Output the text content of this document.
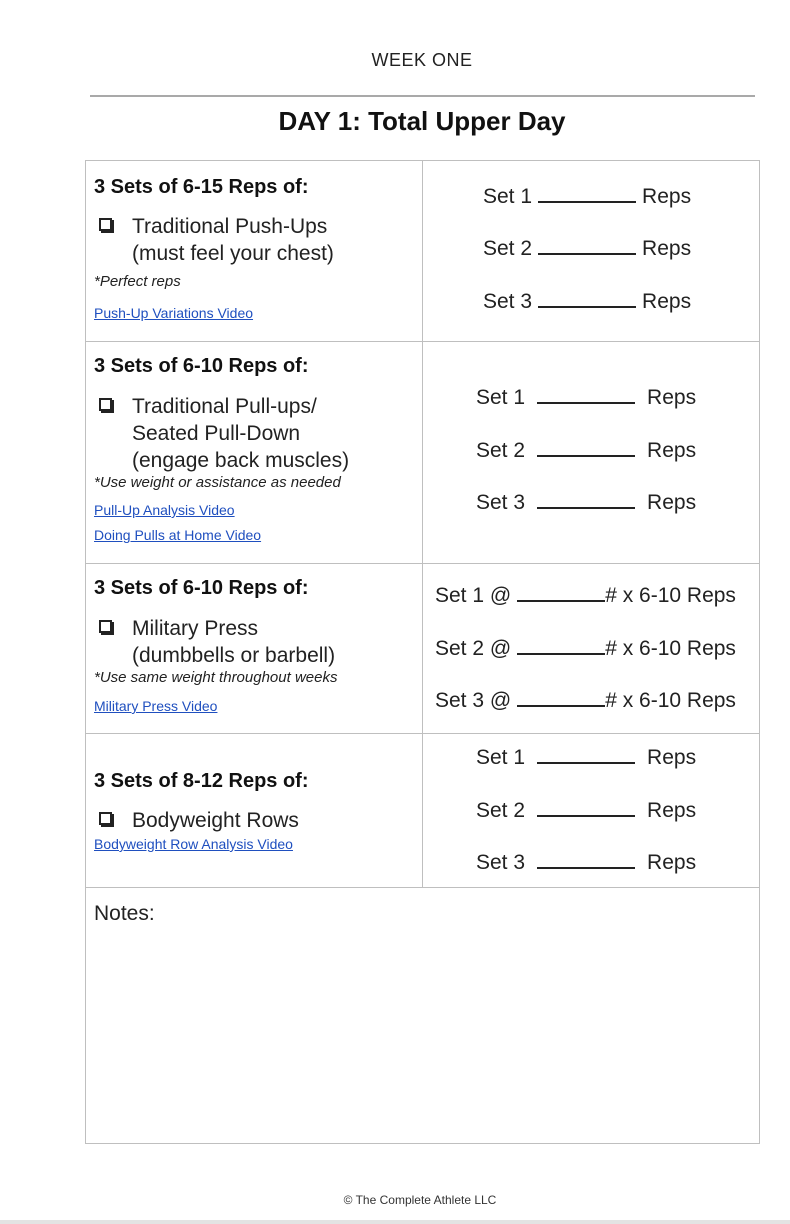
WEEK ONE
DAY 1: Total Upper Day
3 Sets of 6-15 Reps of:
Traditional Push-Ups
(must feel your chest)
*Perfect reps
Push-Up Variations Video
Set 1	Reps
Set 2	Reps
Set 3	Reps
3 Sets of 6-10 Reps of:
Traditional Pull-ups/
Seated Pull-Down
(engage back muscles)
*Use weight or assistance as needed
Pull-Up Analysis Video
Doing Pulls at Home Video
Set 1	Reps
Set 2	Reps
Set 3	Reps
3 Sets of 6-10 Reps of:
Military Press
(dumbbells or barbell)
*Use same weight throughout weeks
Military Press Video
Set 1 @	# x 6-10 Reps
Set 2 @	# x 6-10 Reps
Set 3 @	# x 6-10 Reps
3 Sets of 8-12 Reps of:
Bodyweight Rows
Bodyweight Row Analysis Video
Set 1	Reps
Set 2	Reps
Set 3	Reps
Notes:
© The Complete Athlete LLC
